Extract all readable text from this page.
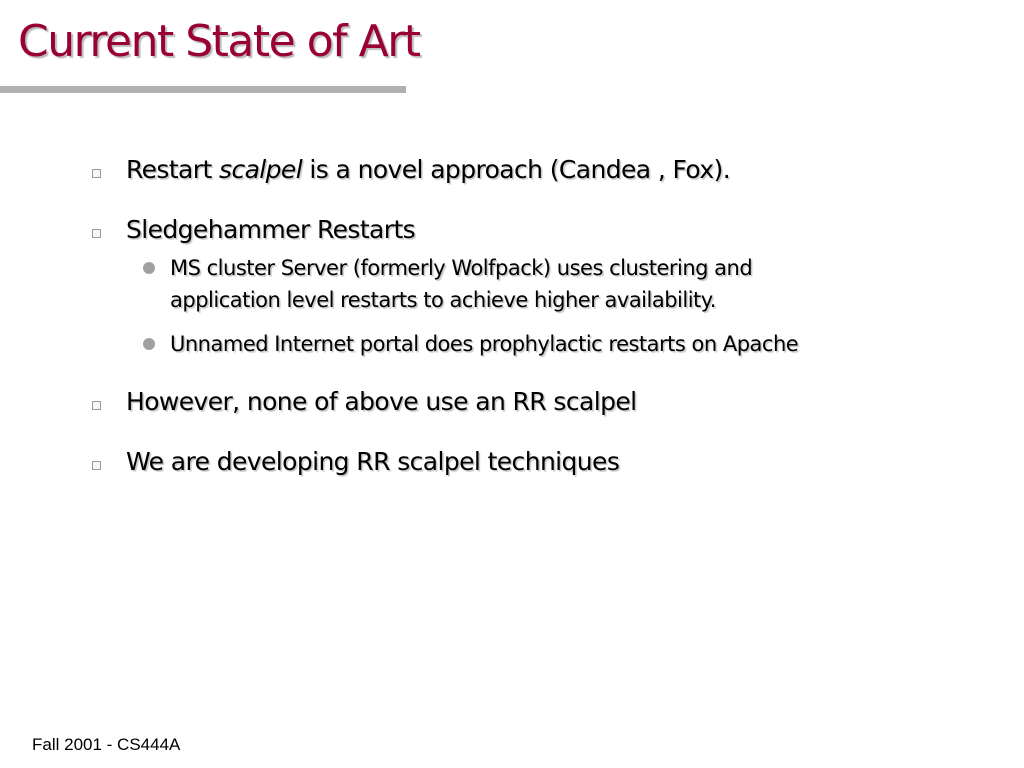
Current State of Art
Restart scalpel is a novel approach (Candea , Fox).
Sledgehammer Restarts
MS cluster Server (formerly Wolfpack) uses clustering and application level restarts to achieve higher availability.
Unnamed Internet portal does prophylactic restarts on Apache
However, none of above use an RR scalpel
We are developing RR scalpel techniques
Fall 2001 - CS444A
